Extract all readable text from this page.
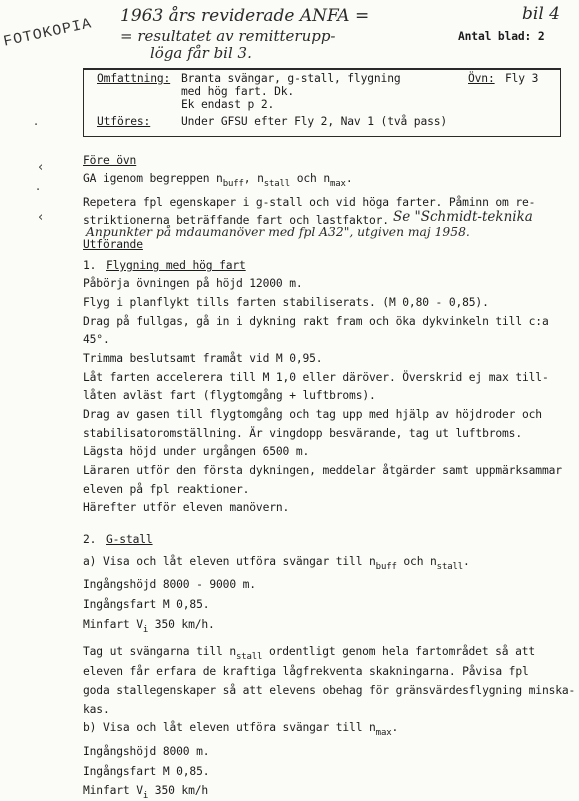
FOTOKOPIA 1963 års reviderade ANFA =
= resultatet av remitterupp-
löga får bil 3.
bil 4
Antal blad: 2
·
‹
·
‹
Omfattning: Branta svängar, g-stall, flygning
med hög fart. Dk.
Ek endast p 2.
Övn: Fly 3
Utföres:	Under GFSU efter Fly 2, Nav 1 (två pass)
Före övn
GA igenom begreppen $n_{buff}$, $n_{stall}$ och $n_{max}$.
Repetera fpl egenskaper i g-stall och vid höga farter. Påminn om re-
striktionerna beträffande fart och lastfaktor. Se "Schmidt-teknika
Anpunkter på mdaumanöver med fpl A32", utgiven maj 1958.
Utförande
1. Flygning med hög fart
Påbörja övningen på höjd 12000 m.
Flyg i planflykt tills farten stabiliserats. (M 0,80 - 0,85).
Drag på fullgas, gå in i dykning rakt fram och öka dykvinkeln till c:a
45°.
Trimma beslutsamt framåt vid M 0,95.
Låt farten accelerera till M 1,0 eller däröver. Överskrid ej max till-
låten avläst fart (flygtomgång + luftbroms).
Drag av gasen till flygtomgång och tag upp med hjälp av höjdroder och
stabilisatoromställning. Är vingdopp besvärande, tag ut luftbroms.
Lägsta höjd under urgången 6500 m.
Läraren utför den första dykningen, meddelar åtgärder samt uppmärksammar
eleven på fpl reaktioner.
Härefter utför eleven manövern.
2. G-stall
a) Visa och låt eleven utföra svängar till $n_{buff}$ och $n_{stall}$.
Ingångshöjd 8000 - 9000 m.
Ingångsfart M 0,85.
Minfart $V_i$ 350 km/h.
Tag ut svängarna till $n_{stall}$ ordentligt genom hela fartområdet så att
eleven får erfara de kraftiga lågfrekventa skakningarna. Påvisa fpl
goda stallegenskaper så att elevens obehag för gränsvärdesflygning minska-
kas.
b) Visa och låt eleven utföra svängar till $n_{max}$.
Ingångshöjd 8000 m.
Ingångsfart M 0,85.
Minfart $V_i$ 350 km/h
